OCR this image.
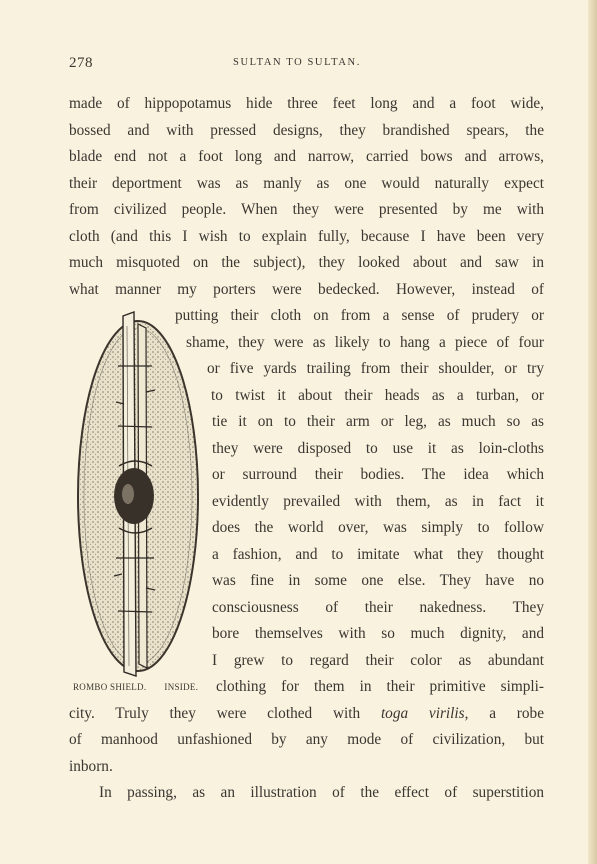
278	SULTAN TO SULTAN.
made of hippopotamus hide three feet long and a foot wide,
bossed and with pressed designs, they brandished spears, the
blade end not a foot long and narrow, carried bows and arrows,
their deportment was as manly as one would naturally expect
from civilized people. When they were presented by me with
cloth (and this I wish to explain fully, because I have been very
much misquoted on the subject), they looked about and saw in
what manner my porters were bedecked. However, instead of
putting their cloth on from a sense of prudery or
shame, they were as likely to hang a piece of four
or five yards trailing from their shoulder, or try
to twist it about their heads as a turban, or
tie it on to their arm or leg, as much so as
they were disposed to use it as loin-cloths
or surround their bodies. The idea which
evidently prevailed with them, as in fact it
does the world over, was simply to follow
a fashion, and to imitate what they thought
was fine in some one else. They have no
consciousness of their nakedness. They
bore themselves with so much dignity, and
I grew to regard their color as abundant
clothing for them in their primitive simpli-
city. Truly they were clothed with toga virilis, a robe
of manhood unfashioned by any mode of civilization, but
inborn.
In passing, as an illustration of the effect of superstition
ROMBO SHIELD. INSIDE.
